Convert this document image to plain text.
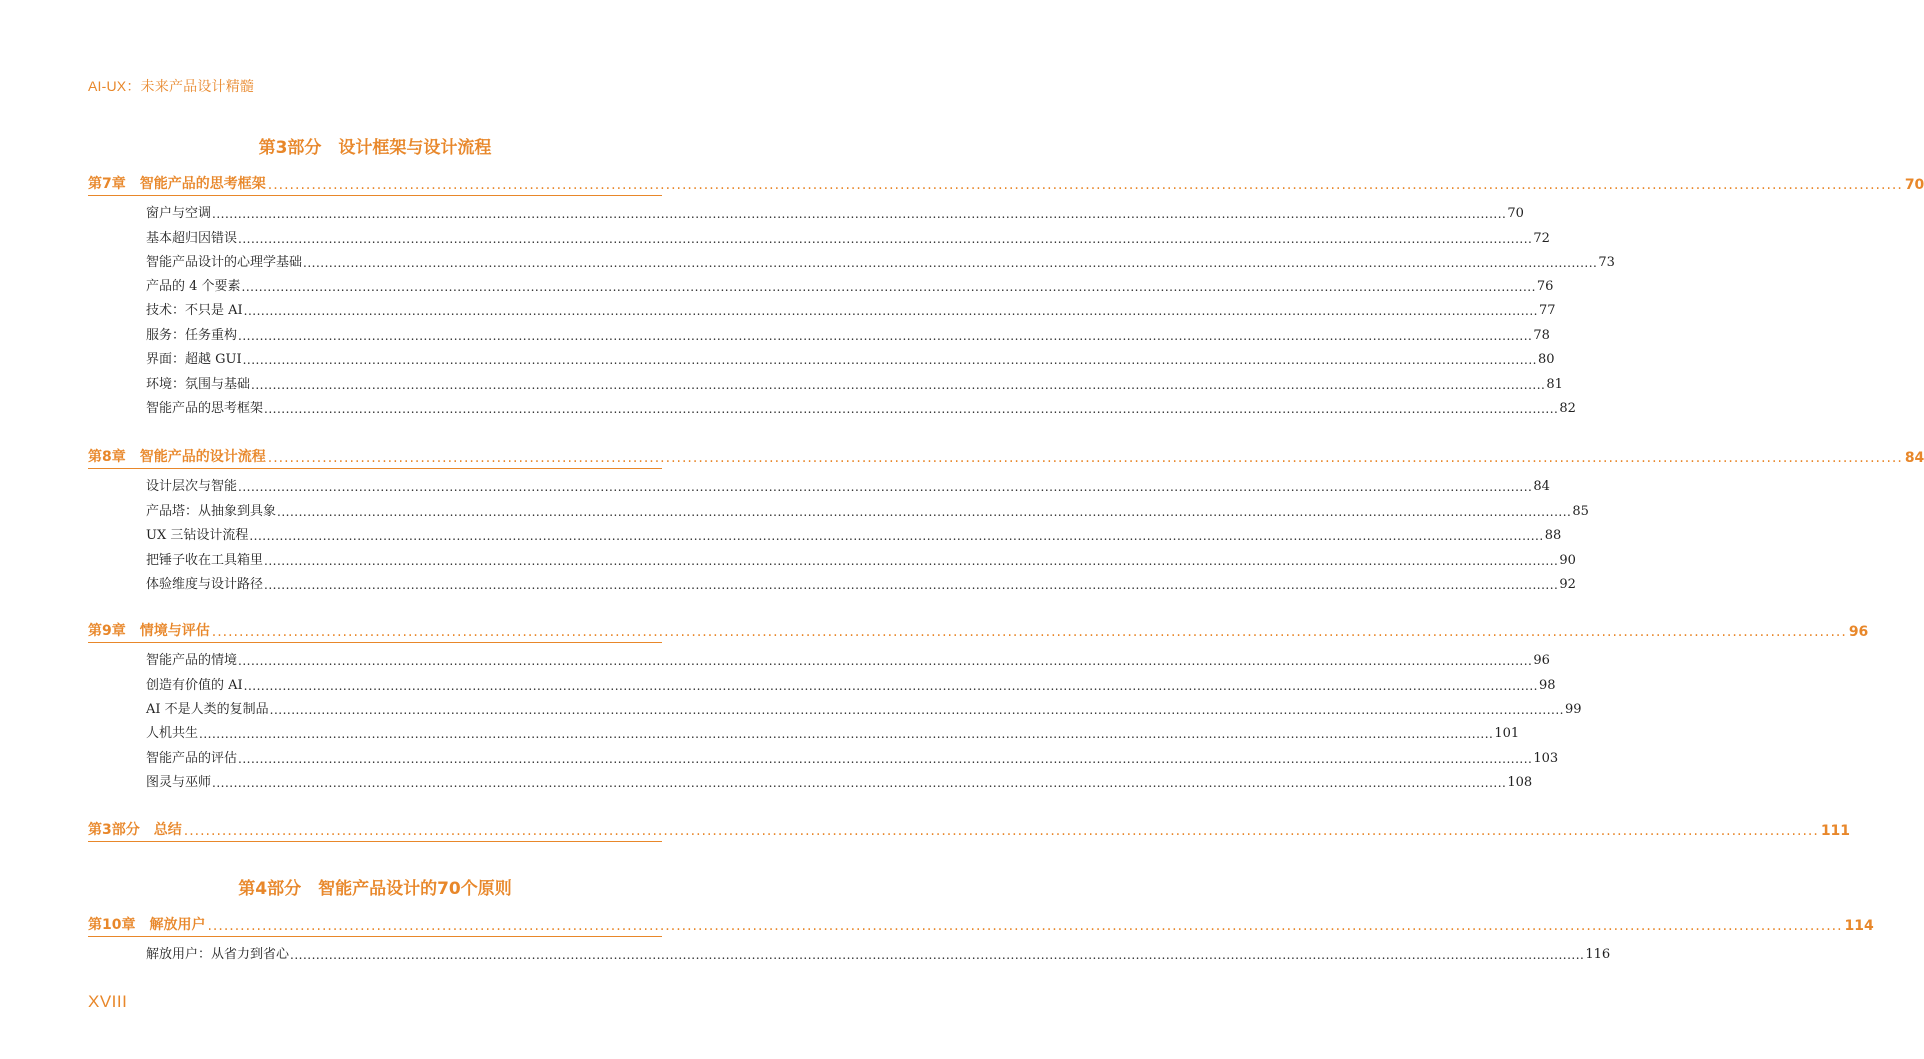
AI-UX：未来产品设计精髓
第3部分　设计框架与设计流程
第7章　智能产品的思考框架 ............................................................................................................................................................................................................................................................................................................ 70
窗户与空调 ............................................................................................................................................................................................................................................................................................................ 70
基本超归因错误 ............................................................................................................................................................................................................................................................................................................ 72
智能产品设计的心理学基础 ............................................................................................................................................................................................................................................................................................................ 73
产品的 4 个要素 ............................................................................................................................................................................................................................................................................................................ 76
技术：不只是 AI ............................................................................................................................................................................................................................................................................................................ 77
服务：任务重构 ............................................................................................................................................................................................................................................................................................................ 78
界面：超越 GUI ............................................................................................................................................................................................................................................................................................................ 80
环境：氛围与基础 ............................................................................................................................................................................................................................................................................................................ 81
智能产品的思考框架 ............................................................................................................................................................................................................................................................................................................ 82
第8章　智能产品的设计流程 ............................................................................................................................................................................................................................................................................................................ 84
设计层次与智能 ............................................................................................................................................................................................................................................................................................................ 84
产品塔：从抽象到具象 ............................................................................................................................................................................................................................................................................................................ 85
UX 三钻设计流程 ............................................................................................................................................................................................................................................................................................................ 88
把锤子收在工具箱里 ............................................................................................................................................................................................................................................................................................................ 90
体验维度与设计路径 ............................................................................................................................................................................................................................................................................................................ 92
第9章　情境与评估 ............................................................................................................................................................................................................................................................................................................ 96
智能产品的情境 ............................................................................................................................................................................................................................................................................................................ 96
创造有价值的 AI ............................................................................................................................................................................................................................................................................................................ 98
AI 不是人类的复制品 ............................................................................................................................................................................................................................................................................................................ 99
人机共生 ............................................................................................................................................................................................................................................................................................................ 101
智能产品的评估 ............................................................................................................................................................................................................................................................................................................ 103
图灵与巫师 ............................................................................................................................................................................................................................................................................................................ 108
第3部分　总结 ............................................................................................................................................................................................................................................................................................................ 111
第4部分　智能产品设计的70个原则
第10章　解放用户 ............................................................................................................................................................................................................................................................................................................ 114
解放用户：从省力到省心 ............................................................................................................................................................................................................................................................................................................ 116
XVIII
